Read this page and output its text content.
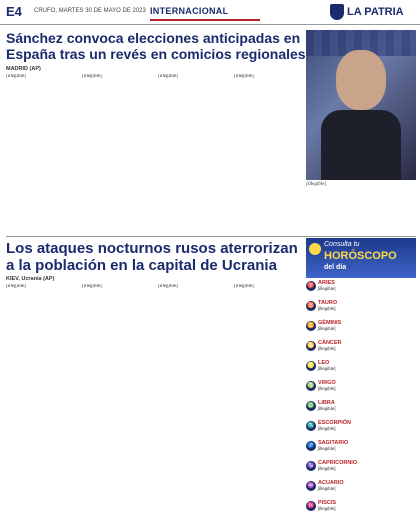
E4 CRUFO, MARTES 30 DE MAYO DE 2023 INTERNACIONAL	LA PATRIA
Sánchez convoca elecciones anticipadas en España tras un revés en comicios regionales
MADRID (AP)
[illegible]	[illegible]	[illegible]	[illegible]
[illegible]
Los ataques nocturnos rusos aterrorizan a la población en la capital de Ucrania
KIEV, Ucrania (AP)
[illegible]	[illegible]	[illegible]	[illegible]
Consulta tu
HORÓSCOPO
del día
♈ ARIES
[illegible]
♉ TAURO
[illegible]
♊ GÉMINIS
[illegible]
♋ CÁNCER
[illegible]
♌ LEO
[illegible]
♍ VIRGO
[illegible]
♎ LIBRA
[illegible]
♏ ESCORPIÓN
[illegible]
♐ SAGITARIO
[illegible]
♑ CAPRICORNIO
[illegible]
♒ ACUARIO
[illegible]
♓ PISCIS
[illegible]
